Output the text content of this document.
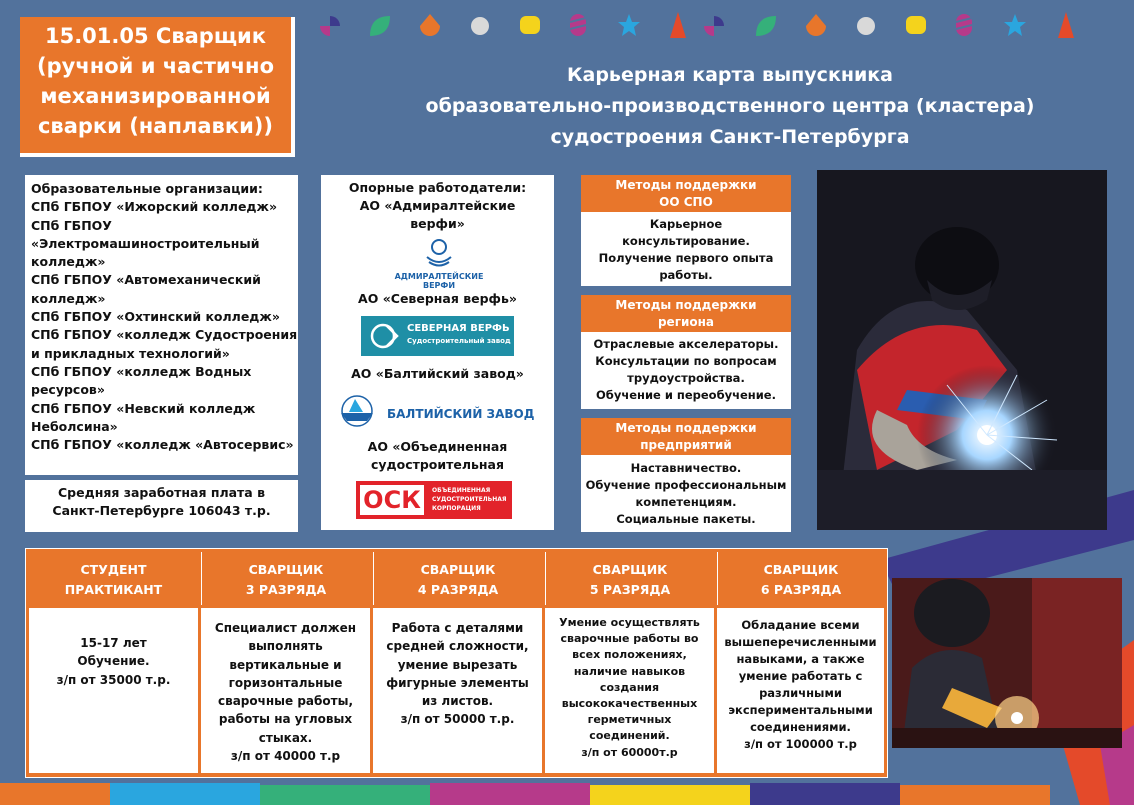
15.01.05 Сварщик
(ручной и частично
механизированной
сварки (наплавки))
Карьерная карта выпускника
образовательно-производственного центра (кластера)
судостроения Санкт-Петербурга
Образовательные организации:
СПб ГБПОУ «Ижорский колледж»
СПб ГБПОУ
«Электромашиностроительный
колледж»
СПб ГБПОУ «Автомеханический
колледж»
СПб ГБПОУ «Охтинский колледж»
СПб ГБПОУ «колледж Судостроения
и прикладных технологий»
СПб ГБПОУ «колледж Водных
ресурсов»
СПб ГБПОУ «Невский колледж
Неболсина»
СПб ГБПОУ «колледж «Автосервис»
Средняя заработная плата в
Санкт-Петербурге 106043 т.р.
Опорные работодатели:
АО «Адмиралтейские
верфи»
АДМИРАЛТЕЙСКИЕ
ВЕРФИ
АО «Северная верфь»
СЕВЕРНАЯ ВЕРФЬ
Судостроительный завод
АО «Балтийский завод»
БАЛТИЙСКИЙ ЗАВОД
АО «Объединенная
судостроительная
ОСК	ОБЪЕДИНЕННАЯ
СУДОСТРОИТЕЛЬНАЯ
КОРПОРАЦИЯ
Методы поддержки
ОО СПО
Карьерное
консультирование.
Получение первого опыта
работы.
Методы поддержки
региона
Отраслевые акселераторы.
Консультации по вопросам
трудоустройства.
Обучение и переобучение.
Методы поддержки
предприятий
Наставничество.
Обучение профессиональным
компетенциям.
Социальные пакеты.
СТУДЕНТ
ПРАКТИКАНТ
СВАРЩИК
3 РАЗРЯДА
СВАРЩИК
4 РАЗРЯДА
СВАРЩИК
5 РАЗРЯДА
СВАРЩИК
6 РАЗРЯДА
15-17 лет
Обучение.
з/п от 35000 т.р.
Специалист должен
выполнять
вертикальные и
горизонтальные
сварочные работы,
работы на угловых
стыках.
з/п от 40000 т.р
Работа с деталями
средней сложности,
умение вырезать
фигурные элементы
из листов.
з/п от 50000 т.р.
Умение осуществлять
сварочные работы во
всех положениях,
наличие навыков
создания
высококачественных
герметичных
соединений.
з/п от 60000т.р
Обладание всеми
вышеперечисленными
навыками, а также
умение работать с
различными
экспериментальными
соединениями.
з/п от 100000 т.р
